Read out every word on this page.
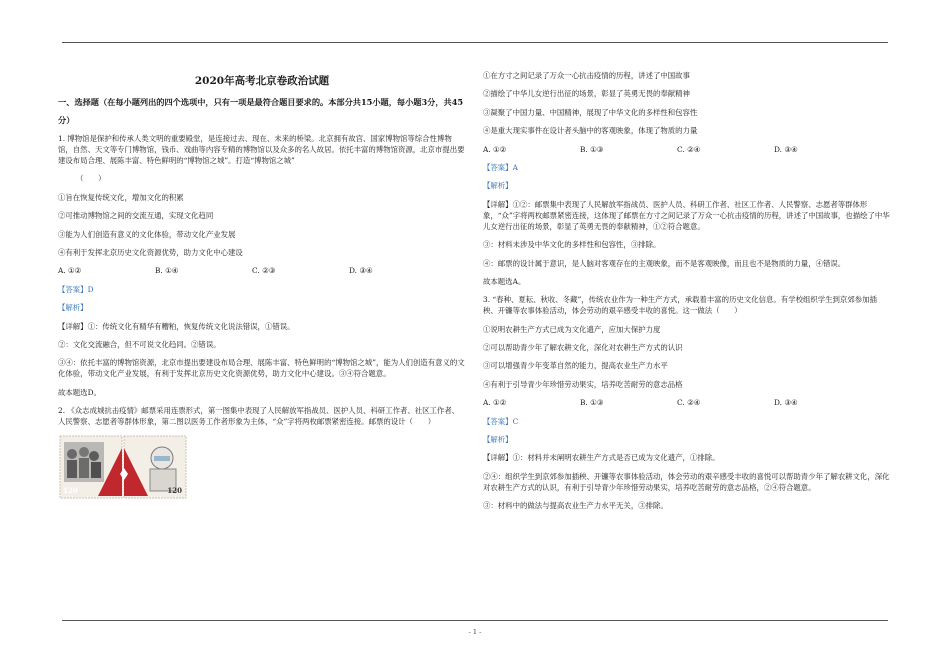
2020年高考北京卷政治试题

一、选择题（在每小题列出的四个选项中，只有一项是最符合题目要求的。本部分共15小题，每小题3分，共45分）

1. 博物馆是保护和传承人类文明的重要殿堂，是连接过去、现在、未来的桥梁。北京拥有故宫、国家博物馆等综合性博物馆，自然、天文等专门博物馆，钱币、戏曲等内容专精的博物馆以及众多的名人故居。依托丰富的博物馆资源，北京市提出要建设布局合理、展陈丰富、特色鲜明的“博物馆之城”。打造“博物馆之城”

（　　）

①旨在恢复传统文化，增加文化的积累

②可推动博物馆之间的交流互通，实现文化趋同

③能为人们创造有意义的文化体验，带动文化产业发展

④有利于发挥北京历史文化资源优势，助力文化中心建设

A. ①②	B. ①④	C. ②③	D. ③④

【答案】D

【解析】

【详解】①：传统文化有精华有糟粕，恢复传统文化说法错误，①错误。

②：文化交流融合，但不可说文化趋同。②错误。

③④：依托丰富的博物馆资源，北京市提出要建设布局合理、展陈丰富、特色鲜明的“博物馆之城”，能为人们创造有意义的文化体验，带动文化产业发展，有利于发挥北京历史文化资源优势，助力文化中心建设。③④符合题意。

故本题选D。

2. 《众志成城抗击疫情》邮票采用连票形式，第一图集中表现了人民解放军指战员、医护人员、科研工作者、社区工作者、人民警察、志愿者等群体形象，第二图以医务工作者形象为主体，“众”字将两枚邮票紧密连接。邮票的设计（　　）

120	120

①在方寸之间记录了万众一心抗击疫情的历程，讲述了中国故事

②描绘了中华儿女逆行出征的场景，彰显了英勇无畏的奉献精神

③凝聚了中国力量、中国精神，展现了中华文化的多样性和包容性

④是重大现实事件在设计者头脑中的客观映象，体现了物质的力量

A. ①②	B. ①③	C. ②④	D. ③④

【答案】A

【解析】

【详解】①②：邮票集中表现了人民解放军指战员、医护人员、科研工作者、社区工作者、人民警察、志愿者等群体形象，“众”字将两枚邮票紧密连接，这体现了邮票在方寸之间记录了万众一心抗击疫情的历程，讲述了中国故事，也描绘了中华儿女逆行出征的场景，彰显了英勇无畏的奉献精神，①②符合题意。

③：材料未涉及中华文化的多样性和包容性，③排除。

④：邮票的设计属于意识，是人脑对客观存在的主观映象，而不是客观映像，而且也不是物质的力量，④错误。

故本题选A。

3. “春种、夏耘、秋收、冬藏”，传统农业作为一种生产方式，承载着丰富的历史文化信息。有学校组织学生到京郊参加插秧、开镰等农事体验活动，体会劳动的艰辛感受丰收的喜悦。这一做法（　　）

①说明农耕生产方式已成为文化遗产，应加大保护力度

②可以帮助青少年了解农耕文化，深化对农耕生产方式的认识

③可以增强青少年变革自然的能力，提高农业生产力水平

④有利于引导青少年珍惜劳动果实，培养吃苦耐劳的意志品格

A. ①②	B. ①③	C. ②④	D. ③④

【答案】C

【解析】

【详解】①：材料并未阐明农耕生产方式是否已成为文化遗产，①排除。

②④：组织学生到京郊参加插秧、开镰等农事体验活动，体会劳动的艰辛感受丰收的喜悦可以帮助青少年了解农耕文化，深化对农耕生产方式的认识，有利于引导青少年珍惜劳动果实，培养吃苦耐劳的意志品格，②④符合题意。

③：材料中的做法与提高农业生产力水平无关，③排除。

- 1 -
